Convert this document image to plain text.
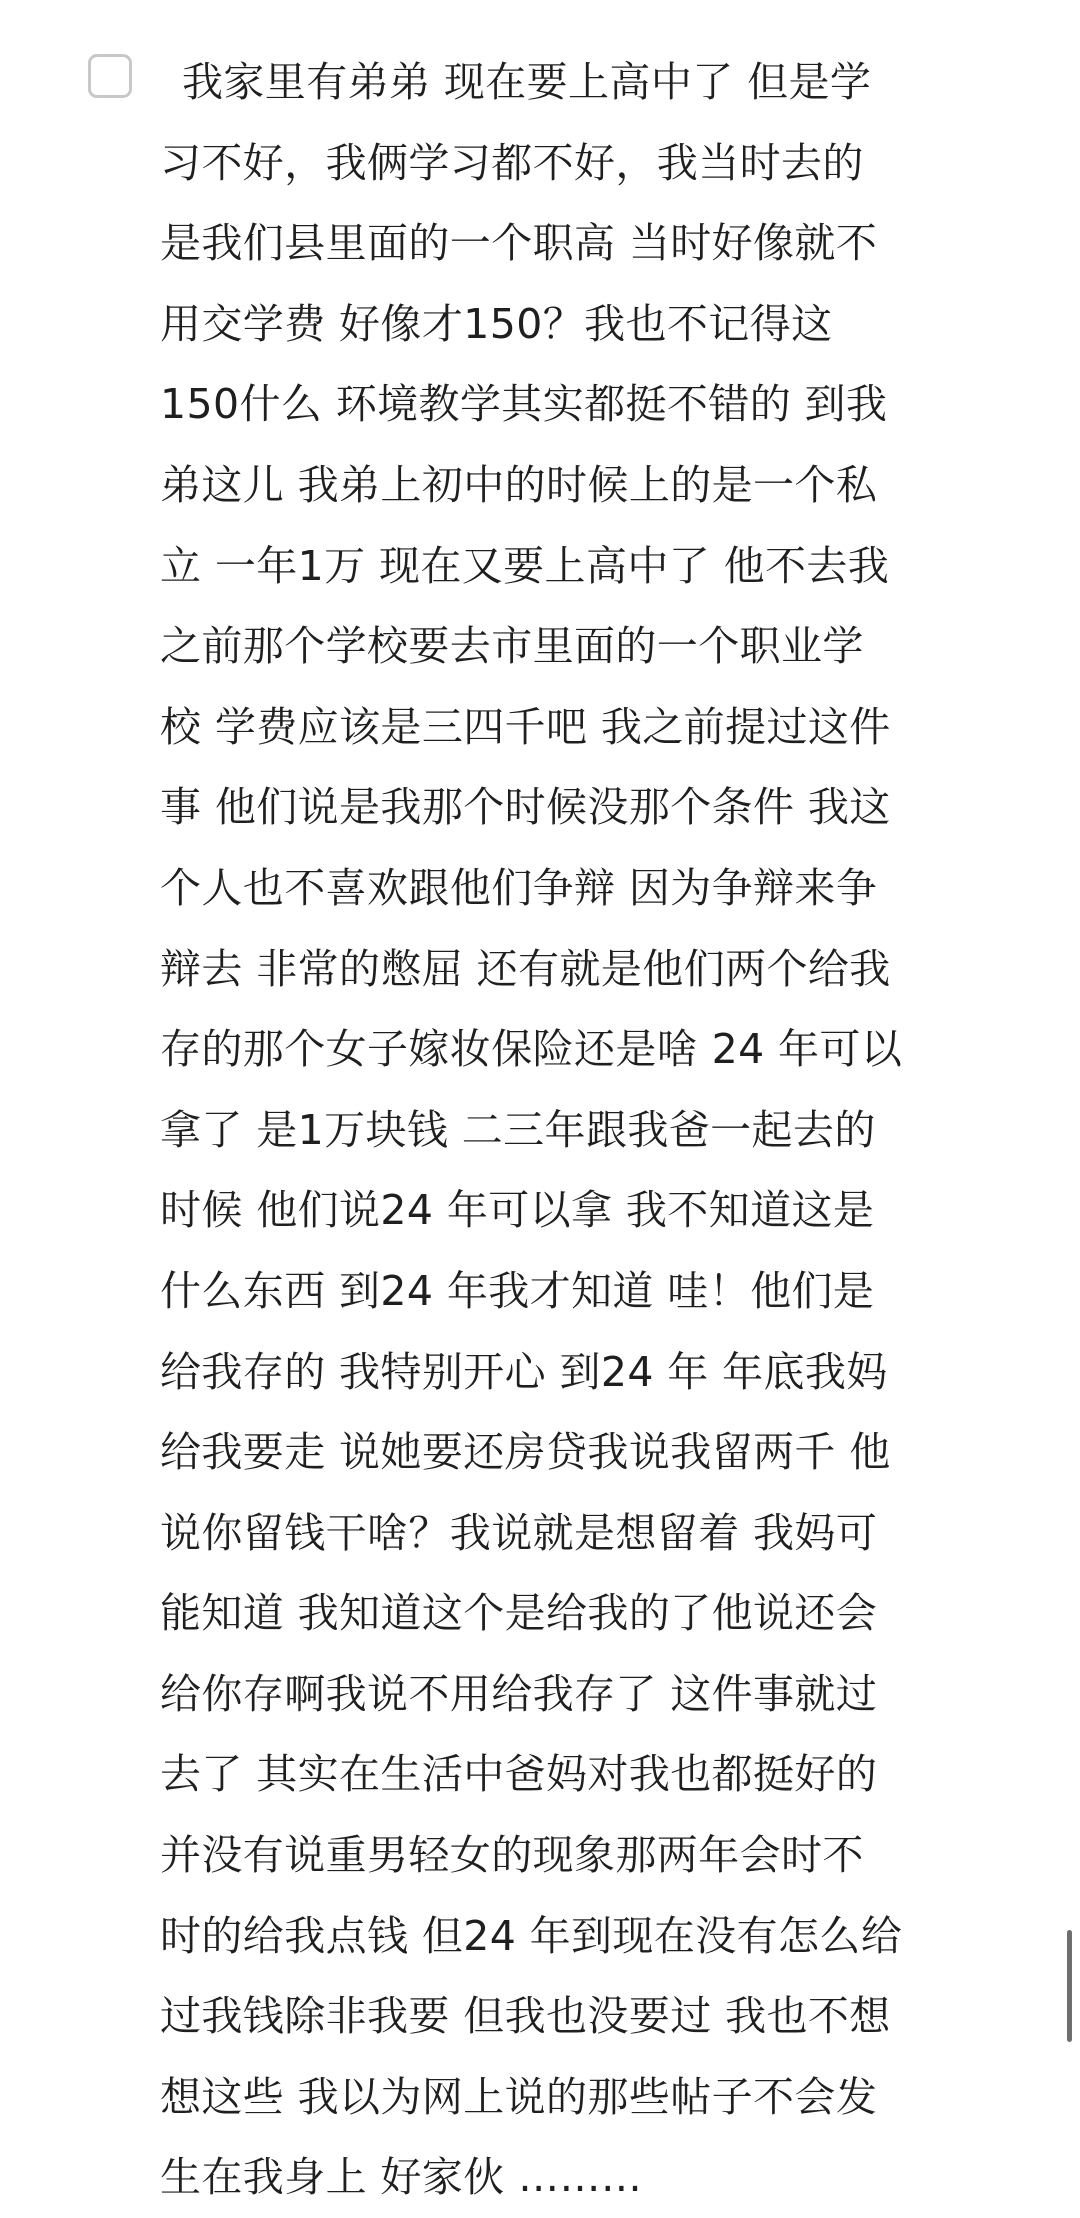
我家里有弟弟 现在要上高中了 但是学
习不好，我俩学习都不好，我当时去的
是我们县里面的一个职高 当时好像就不
用交学费 好像才150？我也不记得这
150什么 环境教学其实都挺不错的 到我
弟这儿 我弟上初中的时候上的是一个私
立 一年1万 现在又要上高中了 他不去我
之前那个学校要去市里面的一个职业学
校 学费应该是三四千吧 我之前提过这件
事 他们说是我那个时候没那个条件 我这
个人也不喜欢跟他们争辩 因为争辩来争
辩去 非常的憋屈 还有就是他们两个给我
存的那个女子嫁妆保险还是啥 24 年可以
拿了 是1万块钱 二三年跟我爸一起去的
时候 他们说24 年可以拿 我不知道这是
什么东西 到24 年我才知道 哇！他们是
给我存的 我特别开心 到24 年 年底我妈
给我要走 说她要还房贷我说我留两千 他
说你留钱干啥？我说就是想留着 我妈可
能知道 我知道这个是给我的了他说还会
给你存啊我说不用给我存了 这件事就过
去了 其实在生活中爸妈对我也都挺好的
并没有说重男轻女的现象那两年会时不
时的给我点钱 但24 年到现在没有怎么给
过我钱除非我要 但我也没要过 我也不想
想这些 我以为网上说的那些帖子不会发
生在我身上 好家伙 ………
